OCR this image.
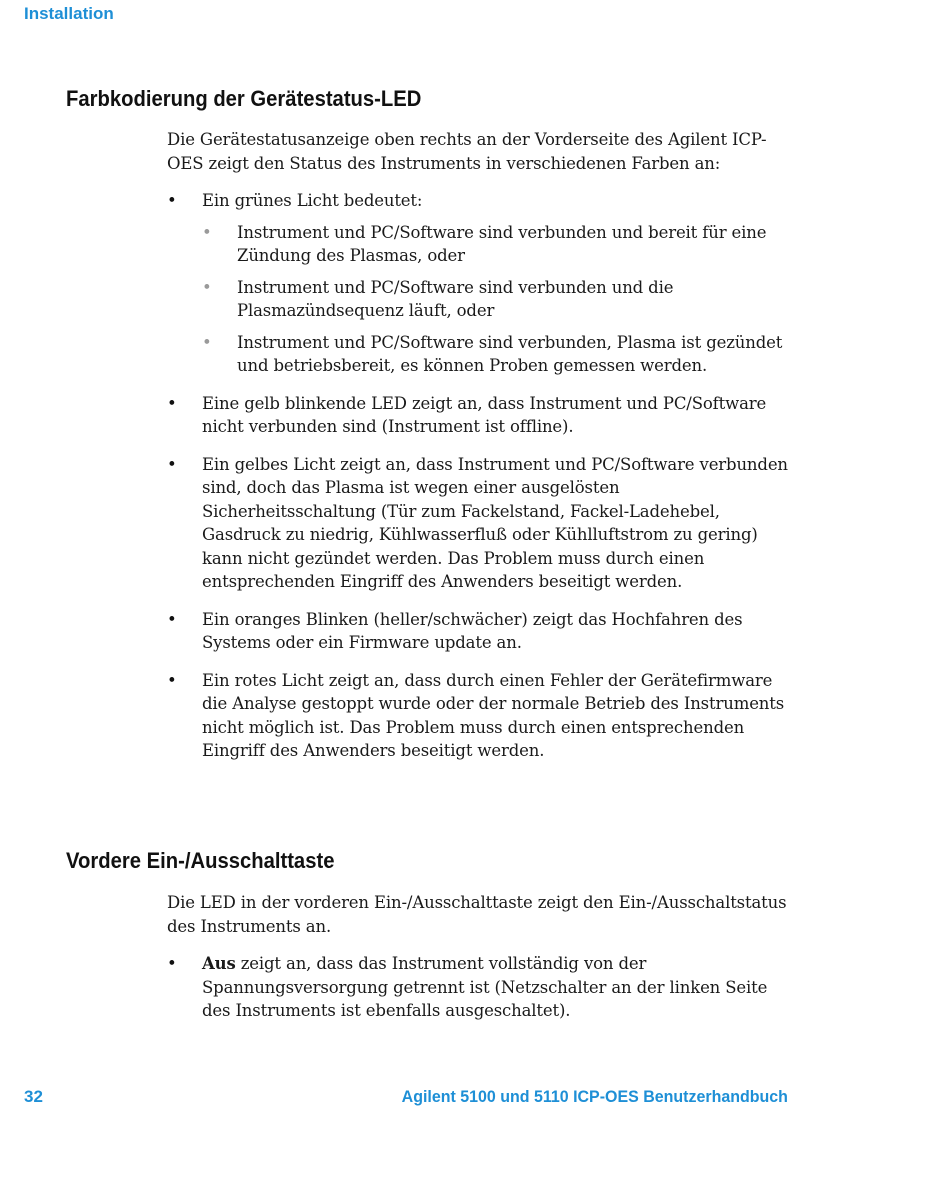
Installation
Farbkodierung der Gerätestatus-LED

Die Gerätestatusanzeige oben rechts an der Vorderseite des Agilent ICP-OES zeigt den Status des Instruments in verschiedenen Farben an:

• Ein grünes Licht bedeutet:
• Instrument und PC/Software sind verbunden und bereit für eine Zündung des Plasmas, oder
• Instrument und PC/Software sind verbunden und die Plasmazündsequenz läuft, oder
• Instrument und PC/Software sind verbunden, Plasma ist gezündet und betriebsbereit, es können Proben gemessen werden.
• Eine gelb blinkende LED zeigt an, dass Instrument und PC/Software nicht verbunden sind (Instrument ist offline).
• Ein gelbes Licht zeigt an, dass Instrument und PC/Software verbunden sind, doch das Plasma ist wegen einer ausgelösten Sicherheitsschaltung (Tür zum Fackelstand, Fackel-Ladehebel, Gasdruck zu niedrig, Kühlwasserfluß oder Kühlluftstrom zu gering) kann nicht gezündet werden. Das Problem muss durch einen entsprechenden Eingriff des Anwenders beseitigt werden.
• Ein oranges Blinken (heller/schwächer) zeigt das Hochfahren des Systems oder ein Firmware update an.
• Ein rotes Licht zeigt an, dass durch einen Fehler der Gerätefirmware die Analyse gestoppt wurde oder der normale Betrieb des Instruments nicht möglich ist. Das Problem muss durch einen entsprechenden Eingriff des Anwenders beseitigt werden.
Vordere Ein-/Ausschalttaste

Die LED in der vorderen Ein-/Ausschalttaste zeigt den Ein-/Ausschaltstatus des Instruments an.

• Aus zeigt an, dass das Instrument vollständig von der Spannungsversorgung getrennt ist (Netzschalter an der linken Seite des Instruments ist ebenfalls ausgeschaltet).
32	Agilent 5100 und 5110 ICP-OES Benutzerhandbuch
